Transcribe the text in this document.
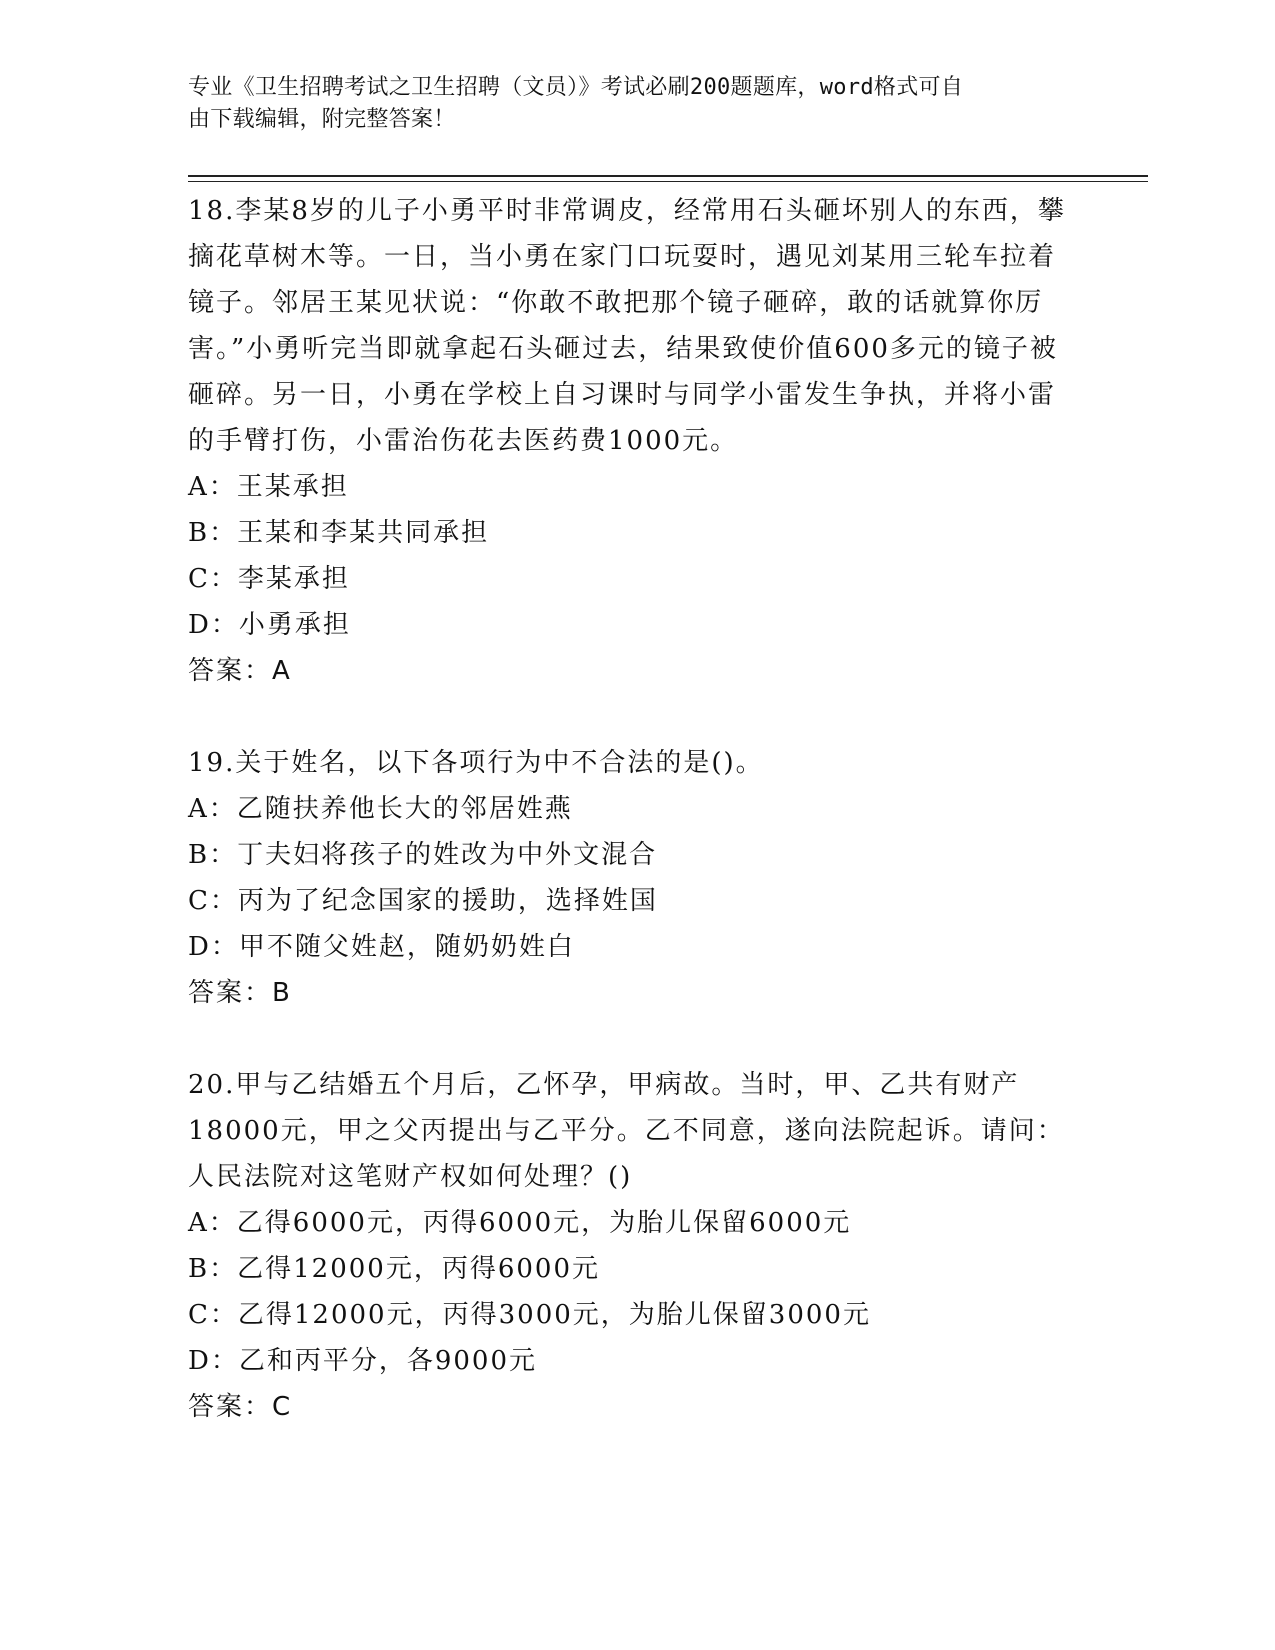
专业《卫生招聘考试之卫生招聘（文员）》考试必刷200题题库，word格式可自
由下载编辑，附完整答案！

18.李某8岁的儿子小勇平时非常调皮，经常用石头砸坏别人的东西，攀摘花草树木等。一日，当小勇在家门口玩耍时，遇见刘某用三轮车拉着镜子。邻居王某见状说：“你敢不敢把那个镜子砸碎，敢的话就算你厉害。”小勇听完当即就拿起石头砸过去，结果致使价值600多元的镜子被砸碎。另一日，小勇在学校上自习课时与同学小雷发生争执，并将小雷的手臂打伤，小雷治伤花去医药费1000元。

A：王某承担

B：王某和李某共同承担

C：李某承担

D：小勇承担

答案：A

19.关于姓名，以下各项行为中不合法的是()。

A：乙随扶养他长大的邻居姓燕

B：丁夫妇将孩子的姓改为中外文混合

C：丙为了纪念国家的援助，选择姓国

D：甲不随父姓赵，随奶奶姓白

答案：B

20.甲与乙结婚五个月后，乙怀孕，甲病故。当时，甲、乙共有财产18000元，甲之父丙提出与乙平分。乙不同意，遂向法院起诉。请问：人民法院对这笔财产权如何处理？()

A：乙得6000元，丙得6000元，为胎儿保留6000元

B：乙得12000元，丙得6000元

C：乙得12000元，丙得3000元，为胎儿保留3000元

D：乙和丙平分，各9000元

答案：C
